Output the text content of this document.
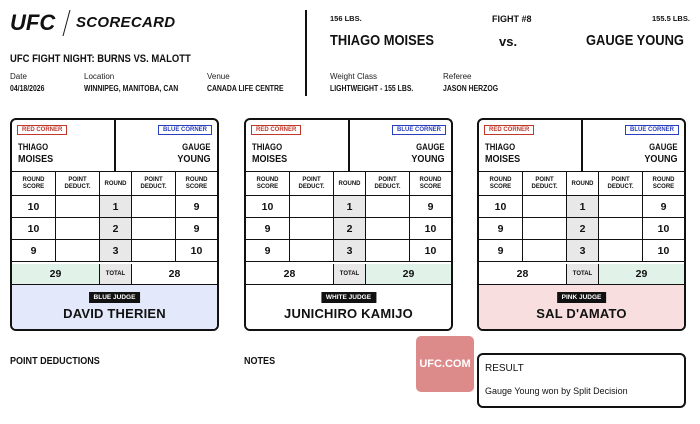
UFC SCORECARD
UFC FIGHT NIGHT: BURNS VS. MALOTT
Date
04/18/2026
Location
WINNIPEG, MANITOBA, CAN
Venue
CANADA LIFE CENTRE
156 LBS.	FIGHT #8	155.5 LBS.
THIAGO MOISES	vs.	GAUGE YOUNG
Weight Class
LIGHTWEIGHT - 155 LBS.
Referee
JASON HERZOG
RED CORNER	BLUE CORNER
THIAGO
MOISES
GAUGE
YOUNG
ROUND SCORE
POINT DEDUCT.
ROUND
POINT DEDUCT.
ROUND SCORE
10	1	9
10	2	9
9	3	10
29	TOTAL	28
BLUE JUDGE
DAVID THERIEN
RED CORNER	BLUE CORNER
THIAGO
MOISES
GAUGE
YOUNG
ROUND SCORE
POINT DEDUCT.
ROUND
POINT DEDUCT.
ROUND SCORE
10	1	9
9	2	10
9	3	10
28	TOTAL	29
WHITE JUDGE
JUNICHIRO KAMIJO
RED CORNER	BLUE CORNER
THIAGO
MOISES
GAUGE
YOUNG
ROUND SCORE
POINT DEDUCT.
ROUND
POINT DEDUCT.
ROUND SCORE
10	1	9
9	2	10
9	3	10
28	TOTAL	29
PINK JUDGE
SAL D'AMATO
POINT DEDUCTIONS	NOTES	UFC.COM	RESULT
Gauge Young won by Split Decision
